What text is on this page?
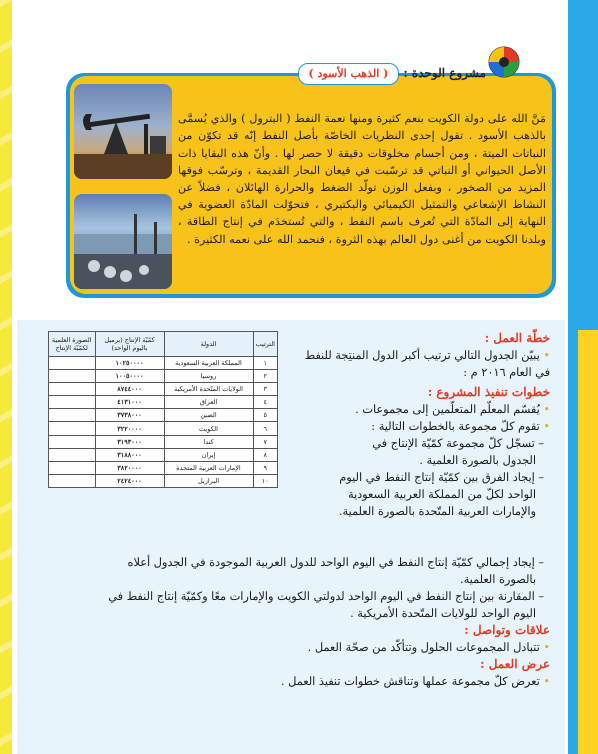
مشروع الوحدة :( الذهب الأسود )

مَنَّ الله على دولة الكويت بنعم كثيرة ومنها نعمة النفط ( البترول ) والذي يُسمَّى بالذهب الأسود . تقول إحدى النظريات الخاصّة بأصل النفط إنّه قد تكوّن من النباتات الميتة ، ومن أجسام مخلوقات دقيقة لا حصر لها . وأنّ هذه البقايا ذات الأصل الحيواني أو النباتي قد ترسّبت في قيعان البحار القديمة ، وترسّب فوقها المزيد من الصخور ، وبفعل الوزن تولّد الضغط والحرارة الهائلان ، فضلاً عن النشاط الإشعاعي والتمثيل الكيميائي والبكتيري ، فتحوّلت المادّة العضوية في النهاية إلى المادّة التي تُعرف باسم النفط ، والتي تُستخدَم في إنتاج الطاقة ، وبلدنا الكويت من أغنى دول العالم بهذه الثروة ، فنحمد الله على نعمه الكثيرة .

الترتيب	الدولة	كمّيّة الإنتاج (برميل باليوم الواحد)	الصورة العلمية لكمّيّة الإنتاج
١	المملكة العربية السعودية	١٠٢٥٠٠٠٠	
٢	روسيا	١٠٠٥٠٠٠٠	
٣	الولايات المتّحدة الأمريكية	٨٧٤٤٠٠٠	
٤	العراق	٤١٣١٠٠٠	
٥	الصين	٣٧٣٨٠٠٠	
٦	الكويت	٣٢٢٠٠٠٠	
٧	كندا	٣١٩٣٠٠٠	
٨	إيران	٣١٨٨٠٠٠	
٩	الإمارات العربية المتحدة	٣٨٢٠٠٠٠	
١٠	البرازيل	٢٤٢٤٠٠٠	
خطّة العمل :
• يبيّن الجدول التالي ترتيب أكبر الدول المنتِجة للنفط في العام ٢٠١٦ م :
خطوات تنفيذ المشروع :
• يُقسّم المعلّم المتعلّمين إلى مجموعات .
• تقوم كلّ مجموعة بالخطوات التالية :
– تسجّل كلّ مجموعة كمّيّة الإنتاج في
الجدول بالصورة العلمية .
– إيجاد الفرق بين كمّيّة إنتاج النفط في اليوم
الواحد لكلّ من المملكة العربية السعودية
والإمارات العربية المتّحدة بالصورة العلمية.
– إيجاد إجمالي كمّيّة إنتاج النفط في اليوم الواحد للدول العربية الموجودة في الجدول أعلاه
بالصورة العلمية.
– المقارنة بين إنتاج النفط في اليوم الواحد لدولتي الكويت والإمارات معًا وكمّيّة إنتاج النفط في
اليوم الواحد للولايات المتّحدة الأمريكية .
علاقات وتواصل :
• تتبادل المجموعات الحلول وتتأكّد من صحّة العمل .
عرض العمل :
• تعرض كلّ مجموعة عملها وتناقش خطوات تنفيذ العمل .
